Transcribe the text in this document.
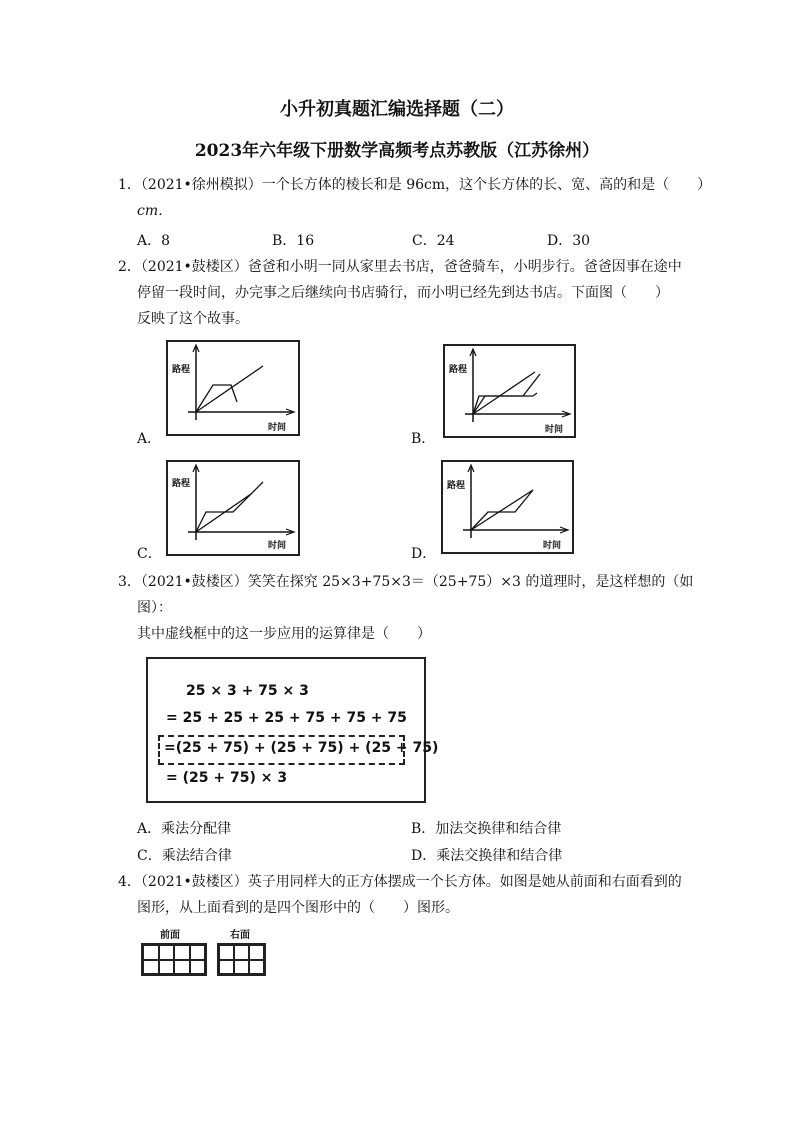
小升初真题汇编选择题（二）
2023年六年级下册数学高频考点苏教版（江苏徐州）
1．（2021•徐州模拟）一个长方体的棱长和是 96cm，这个长方体的长、宽、高的和是（　　）
cm．
A．8	B．16	C．24	D．30
2．（2021•鼓楼区）爸爸和小明一同从家里去书店，爸爸骑车，小明步行。爸爸因事在途中
停留一段时间，办完事之后继续向书店骑行，而小明已经先到达书店。下面图（　　）
反映了这个故事。
A．
路程
时间
B．
路程
时间
C．
路程
时间	D．
路程
时间
3．（2021•鼓楼区）笑笑在探究 25×3+75×3＝（25+75）×3 的道理时，是这样想的（如
图）：
其中虚线框中的这一步应用的运算律是（　　）
25 × 3 + 75 × 3
= 25 + 25 + 25 + 75 + 75 + 75
=(25 + 75) + (25 + 75) + (25 + 75)
= (25 + 75) × 3
A．乘法分配律	B．加法交换律和结合律
C．乘法结合律	D．乘法交换律和结合律
4．（2021•鼓楼区）英子用同样大的正方体摆成一个长方体。如图是她从前面和右面看到的
图形，从上面看到的是四个图形中的（　　）图形。
前面	右面
